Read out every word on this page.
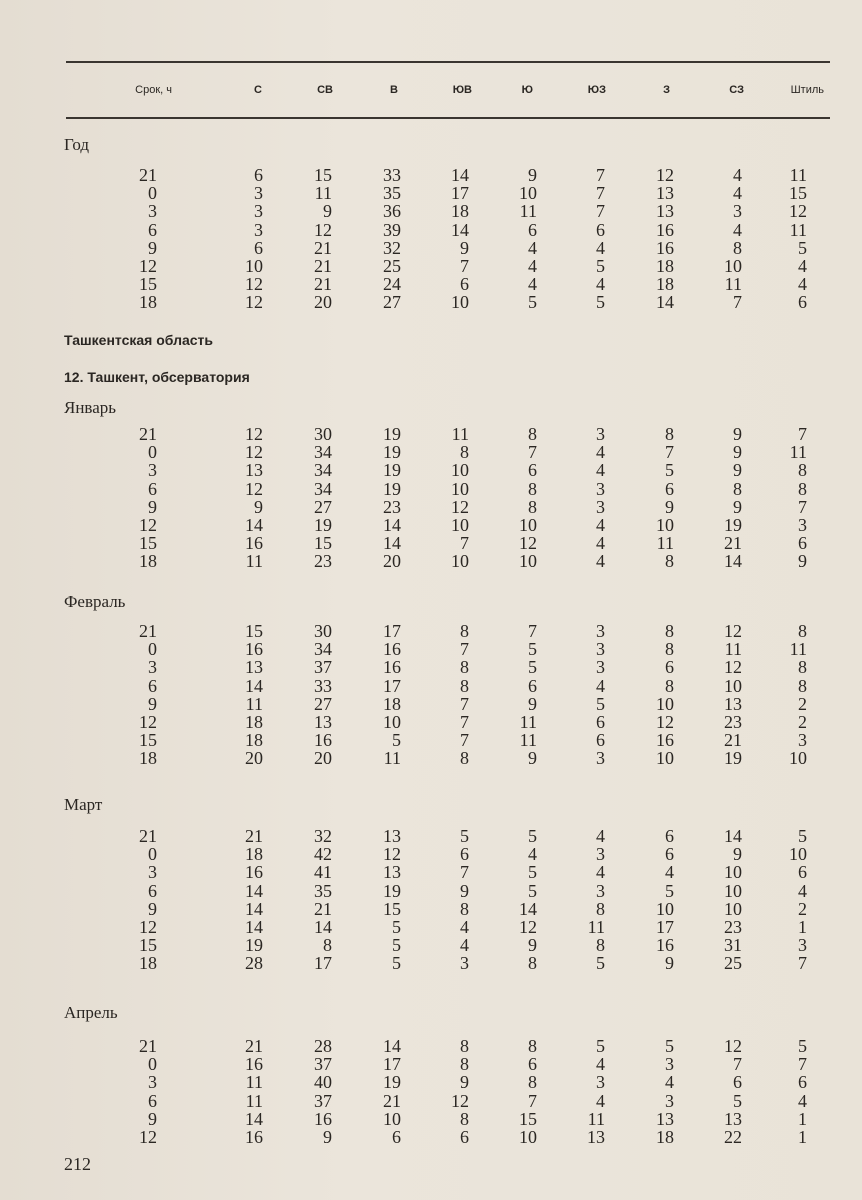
Срок, ч	С	СВ	В	ЮВ	Ю	ЮЗ	З	СЗ	Штиль
Год
21	6	15	33	14	9	7	12	4	11
0	3	11	35	17	10	7	13	4	15
3	3	9	36	18	11	7	13	3	12
6	3	12	39	14	6	6	16	4	11
9	6	21	32	9	4	4	16	8	5
12	10	21	25	7	4	5	18	10	4
15	12	21	24	6	4	4	18	11	4
18	12	20	27	10	5	5	14	7	6
Ташкентская область
12. Ташкент, обсерватория
Январь
21	12	30	19	11	8	3	8	9	7
0	12	34	19	8	7	4	7	9	11
3	13	34	19	10	6	4	5	9	8
6	12	34	19	10	8	3	6	8	8
9	9	27	23	12	8	3	9	9	7
12	14	19	14	10	10	4	10	19	3
15	16	15	14	7	12	4	11	21	6
18	11	23	20	10	10	4	8	14	9
Февраль
21	15	30	17	8	7	3	8	12	8
0	16	34	16	7	5	3	8	11	11
3	13	37	16	8	5	3	6	12	8
6	14	33	17	8	6	4	8	10	8
9	11	27	18	7	9	5	10	13	2
12	18	13	10	7	11	6	12	23	2
15	18	16	5	7	11	6	16	21	3
18	20	20	11	8	9	3	10	19	10
Март
21	21	32	13	5	5	4	6	14	5
0	18	42	12	6	4	3	6	9	10
3	16	41	13	7	5	4	4	10	6
6	14	35	19	9	5	3	5	10	4
9	14	21	15	8	14	8	10	10	2
12	14	14	5	4	12	11	17	23	1
15	19	8	5	4	9	8	16	31	3
18	28	17	5	3	8	5	9	25	7
Апрель
21	21	28	14	8	8	5	5	12	5
0	16	37	17	8	6	4	3	7	7
3	11	40	19	9	8	3	4	6	6
6	11	37	21	12	7	4	3	5	4
9	14	16	10	8	15	11	13	13	1
12	16	9	6	6	10	13	18	22	1
212
